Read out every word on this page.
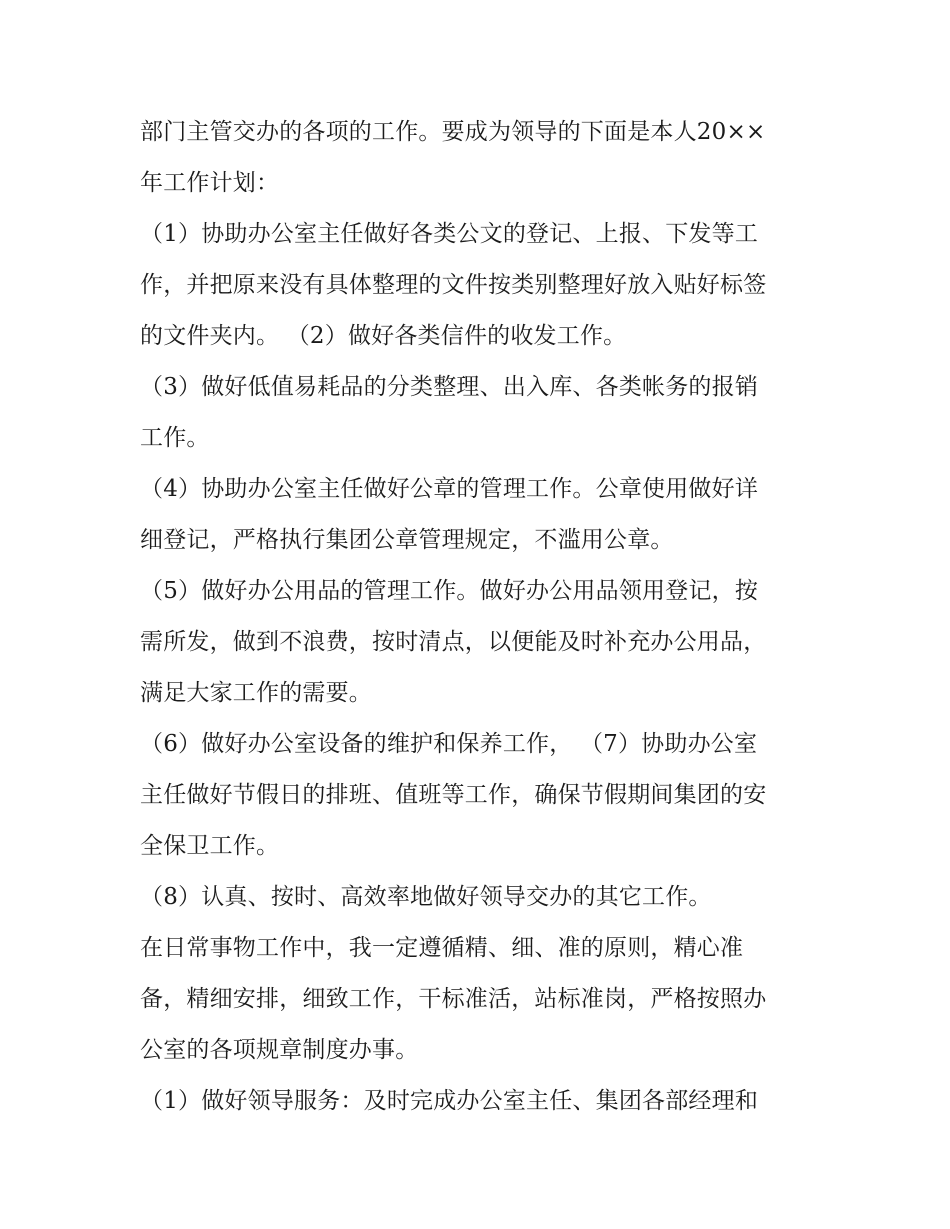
部门主管交办的各项的工作。要成为领导的下面是本人20××
年工作计划：
（1）协助办公室主任做好各类公文的登记、上报、下发等工
作，并把原来没有具体整理的文件按类别整理好放入贴好标签
的文件夹内。 （2）做好各类信件的收发工作。
（3）做好低值易耗品的分类整理、出入库、各类帐务的报销
工作。
（4）协助办公室主任做好公章的管理工作。公章使用做好详
细登记，严格执行集团公章管理规定，不滥用公章。
（5）做好办公用品的管理工作。做好办公用品领用登记，按
需所发，做到不浪费，按时清点，以便能及时补充办公用品，
满足大家工作的需要。
（6）做好办公室设备的维护和保养工作， （7）协助办公室
主任做好节假日的排班、值班等工作，确保节假期间集团的安
全保卫工作。
（8）认真、按时、高效率地做好领导交办的其它工作。
在日常事物工作中，我一定遵循精、细、准的原则，精心准
备，精细安排，细致工作，干标准活，站标准岗，严格按照办
公室的各项规章制度办事。
（1）做好领导服务：及时完成办公室主任、集团各部经理和
